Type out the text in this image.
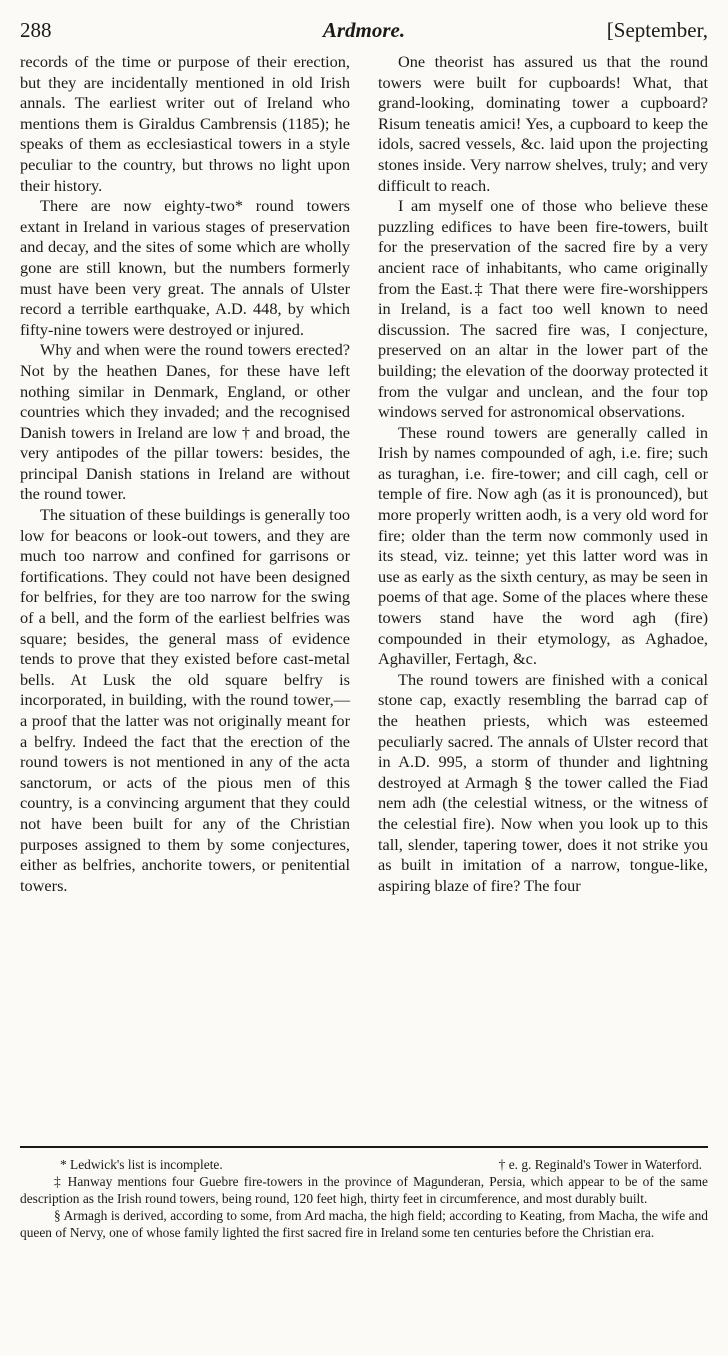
288	Ardmore.	[September,

records of the time or purpose of their erection, but they are incidentally mentioned in old Irish annals. The earliest writer out of Ireland who mentions them is Giraldus Cambrensis (1185); he speaks of them as ecclesiastical towers in a style peculiar to the country, but throws no light upon their history.

There are now eighty-two* round towers extant in Ireland in various stages of preservation and decay, and the sites of some which are wholly gone are still known, but the numbers formerly must have been very great. The annals of Ulster record a terrible earthquake, A.D. 448, by which fifty-nine towers were destroyed or injured.

Why and when were the round towers erected? Not by the heathen Danes, for these have left nothing similar in Denmark, England, or other countries which they invaded; and the recognised Danish towers in Ireland are low † and broad, the very antipodes of the pillar towers: besides, the principal Danish stations in Ireland are without the round tower.

The situation of these buildings is generally too low for beacons or look-out towers, and they are much too narrow and confined for garrisons or fortifications. They could not have been designed for belfries, for they are too narrow for the swing of a bell, and the form of the earliest belfries was square; besides, the general mass of evidence tends to prove that they existed before cast-metal bells. At Lusk the old square belfry is incorporated, in building, with the round tower,—a proof that the latter was not originally meant for a belfry. Indeed the fact that the erection of the round towers is not mentioned in any of the acta sanctorum, or acts of the pious men of this country, is a convincing argument that they could not have been built for any of the Christian purposes assigned to them by some conjectures, either as belfries, anchorite towers, or penitential towers.

One theorist has assured us that the round towers were built for cupboards! What, that grand-looking, dominating tower a cupboard? Risum teneatis amici! Yes, a cupboard to keep the idols, sacred vessels, &c. laid upon the projecting stones inside. Very narrow shelves, truly; and very difficult to reach.

I am myself one of those who believe these puzzling edifices to have been fire-towers, built for the preservation of the sacred fire by a very ancient race of inhabitants, who came originally from the East.‡ That there were fire-worshippers in Ireland, is a fact too well known to need discussion. The sacred fire was, I conjecture, preserved on an altar in the lower part of the building; the elevation of the doorway protected it from the vulgar and unclean, and the four top windows served for astronomical observations.

These round towers are generally called in Irish by names compounded of agh, i.e. fire; such as turaghan, i.e. fire-tower; and cill cagh, cell or temple of fire. Now agh (as it is pronounced), but more properly written aodh, is a very old word for fire; older than the term now commonly used in its stead, viz. teinne; yet this latter word was in use as early as the sixth century, as may be seen in poems of that age. Some of the places where these towers stand have the word agh (fire) compounded in their etymology, as Aghadoe, Aghaviller, Fertagh, &c.

The round towers are finished with a conical stone cap, exactly resembling the barrad cap of the heathen priests, which was esteemed peculiarly sacred. The annals of Ulster record that in A.D. 995, a storm of thunder and lightning destroyed at Armagh § the tower called the Fiad nem adh (the celestial witness, or the witness of the celestial fire). Now when you look up to this tall, slender, tapering tower, does it not strike you as built in imitation of a narrow, tongue-like, aspiring blaze of fire? The four

* Ledwick's list is incomplete.	† e. g. Reginald's Tower in Waterford.

‡ Hanway mentions four Guebre fire-towers in the province of Magunderan, Persia, which appear to be of the same description as the Irish round towers, being round, 120 feet high, thirty feet in circumference, and most durably built.

§ Armagh is derived, according to some, from Ard macha, the high field; according to Keating, from Macha, the wife and queen of Nervy, one of whose family lighted the first sacred fire in Ireland some ten centuries before the Christian era.
